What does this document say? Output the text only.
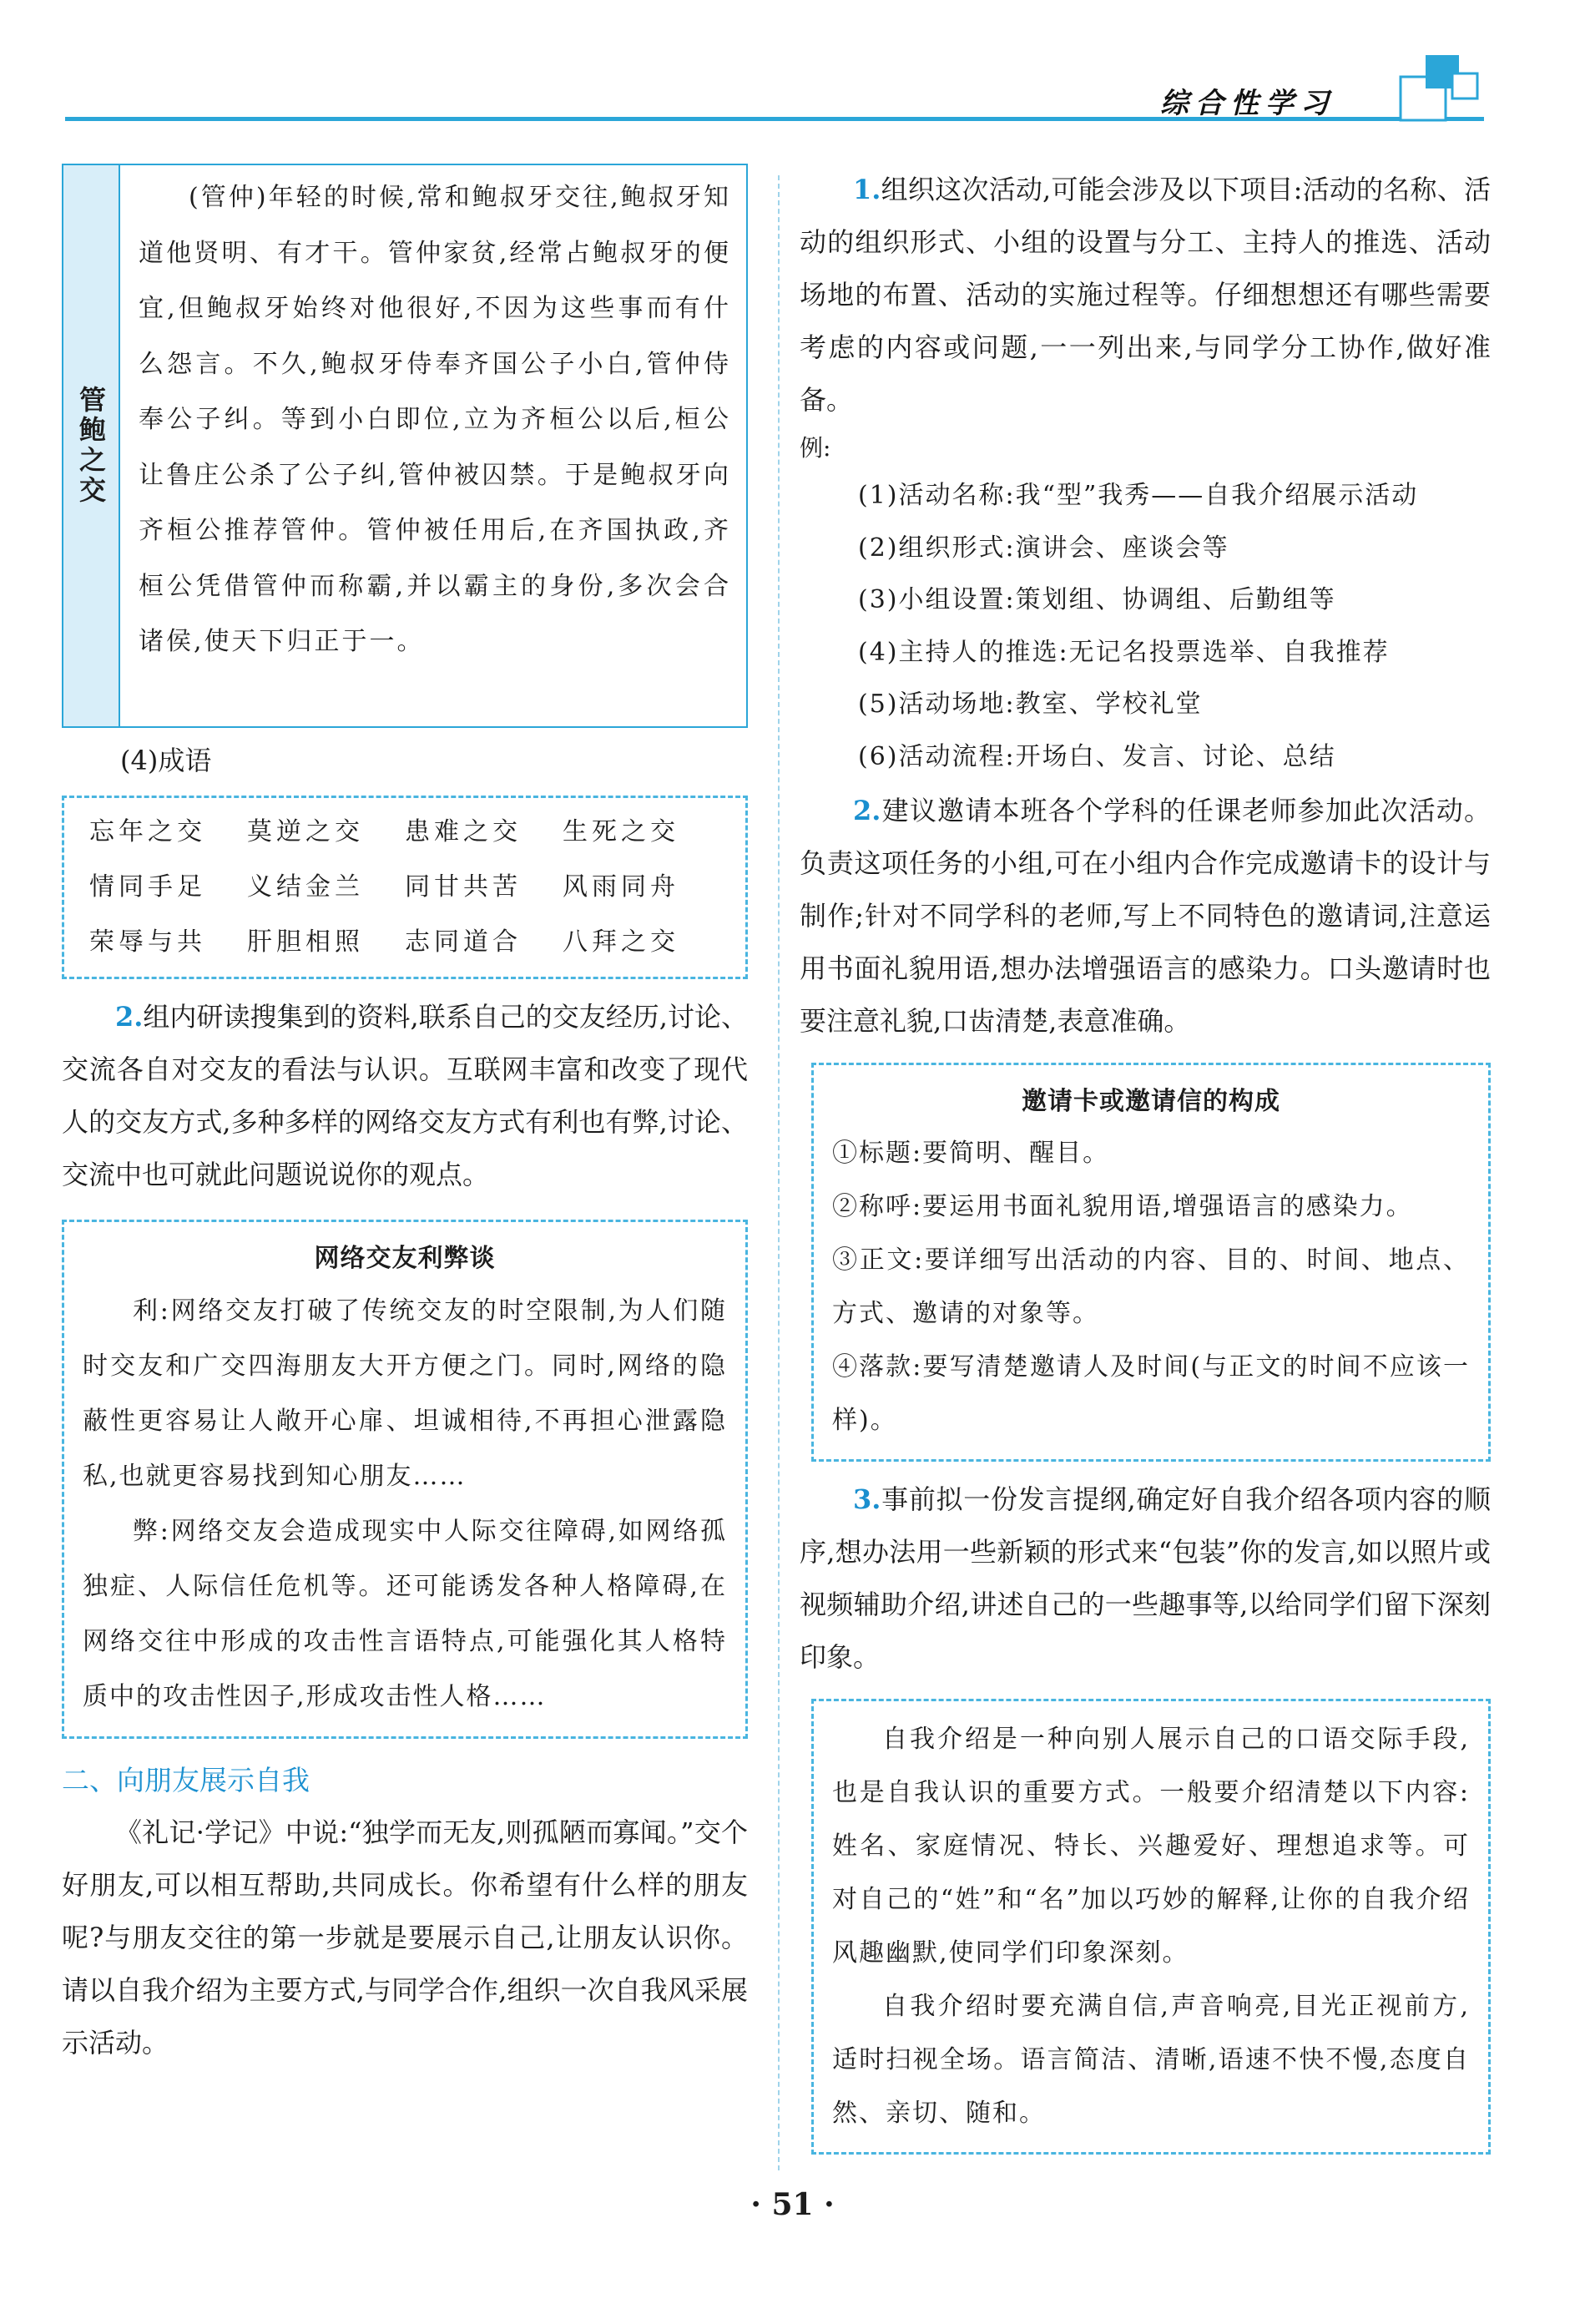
综合性学习
管鲍之交
(管仲)年轻的时候,常和鲍叔牙交往,鲍叔牙知道他贤明、有才干。管仲家贫,经常占鲍叔牙的便宜,但鲍叔牙始终对他很好,不因为这些事而有什么怨言。不久,鲍叔牙侍奉齐国公子小白,管仲侍奉公子纠。等到小白即位,立为齐桓公以后,桓公让鲁庄公杀了公子纠,管仲被囚禁。于是鲍叔牙向齐桓公推荐管仲。管仲被任用后,在齐国执政,齐桓公凭借管仲而称霸,并以霸主的身份,多次会合诸侯,使天下归正于一。
(4)成语
忘年之交	莫逆之交	患难之交	生死之交
情同手足	义结金兰	同甘共苦	风雨同舟
荣辱与共	肝胆相照	志同道合	八拜之交

2.组内研读搜集到的资料,联系自己的交友经历,讨论、交流各自对交友的看法与认识。互联网丰富和改变了现代人的交友方式,多种多样的网络交友方式有利也有弊,讨论、交流中也可就此问题说说你的观点。

网络交友利弊谈
利:网络交友打破了传统交友的时空限制,为人们随时交友和广交四海朋友大开方便之门。同时,网络的隐蔽性更容易让人敞开心扉、坦诚相待,不再担心泄露隐私,也就更容易找到知心朋友……
弊:网络交友会造成现实中人际交往障碍,如网络孤独症、人际信任危机等。还可能诱发各种人格障碍,在网络交往中形成的攻击性言语特点,可能强化其人格特质中的攻击性因子,形成攻击性人格……
二、向朋友展示自我

《礼记·学记》中说:“独学而无友,则孤陋而寡闻。”交个好朋友,可以相互帮助,共同成长。你希望有什么样的朋友呢?与朋友交往的第一步就是要展示自己,让朋友认识你。请以自我介绍为主要方式,与同学合作,组织一次自我风采展示活动。

1.组织这次活动,可能会涉及以下项目:活动的名称、活动的组织形式、小组的设置与分工、主持人的推选、活动场地的布置、活动的实施过程等。仔细想想还有哪些需要考虑的内容或问题,一一列出来,与同学分工协作,做好准备。

例:
(1)活动名称:我“型”我秀——自我介绍展示活动
(2)组织形式:演讲会、座谈会等
(3)小组设置:策划组、协调组、后勤组等
(4)主持人的推选:无记名投票选举、自我推荐
(5)活动场地:教室、学校礼堂
(6)活动流程:开场白、发言、讨论、总结

2.建议邀请本班各个学科的任课老师参加此次活动。负责这项任务的小组,可在小组内合作完成邀请卡的设计与制作;针对不同学科的老师,写上不同特色的邀请词,注意运用书面礼貌用语,想办法增强语言的感染力。口头邀请时也要注意礼貌,口齿清楚,表意准确。

邀请卡或邀请信的构成
①标题:要简明、醒目。
②称呼:要运用书面礼貌用语,增强语言的感染力。
③正文:要详细写出活动的内容、目的、时间、地点、方式、邀请的对象等。
④落款:要写清楚邀请人及时间(与正文的时间不应该一样)。

3.事前拟一份发言提纲,确定好自我介绍各项内容的顺序,想办法用一些新颖的形式来“包装”你的发言,如以照片或视频辅助介绍,讲述自己的一些趣事等,以给同学们留下深刻印象。

自我介绍是一种向别人展示自己的口语交际手段,也是自我认识的重要方式。一般要介绍清楚以下内容:姓名、家庭情况、特长、兴趣爱好、理想追求等。可对自己的“姓”和“名”加以巧妙的解释,让你的自我介绍风趣幽默,使同学们印象深刻。
自我介绍时要充满自信,声音响亮,目光正视前方,适时扫视全场。语言简洁、清晰,语速不快不慢,态度自然、亲切、随和。
· 51 ·
